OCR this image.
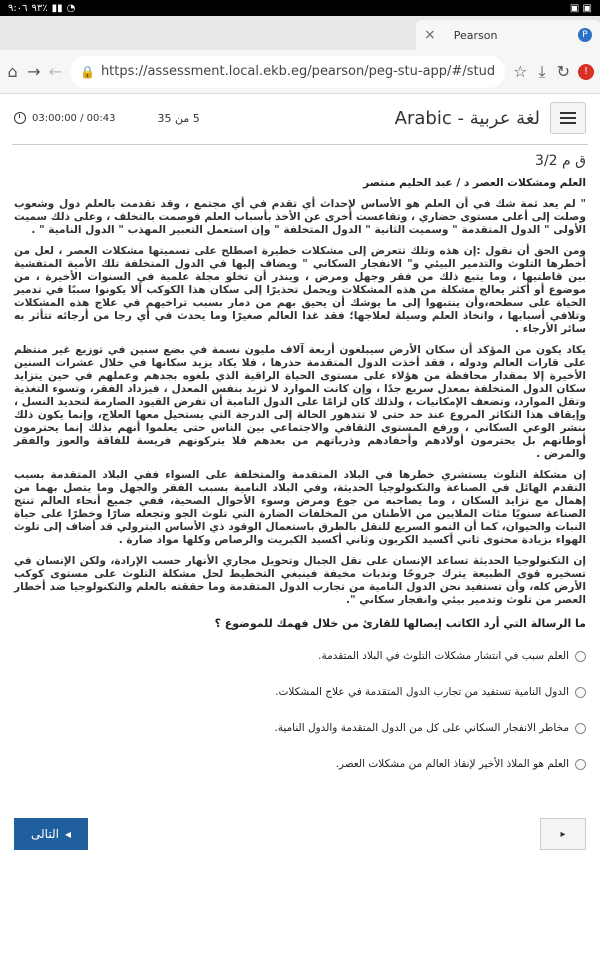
٩:٠٦ ٩٣٪ ▮▮ ◔	▣ ▣
× Pearson	P
⌂ → ← 🔒 https://assessment.local.ekb.eg/pearson/peg-stu-app/#/stud ☆ ⤓ ↻	!
03:00:00 / 00:43	5 من 35	Arabic - لغة عربية
ق م 3/2
العلم ومشكلات العصر د / عبد الحليم منتصر

" لم يعد ثمة شك في أن العلم هو الأساس لإحداث أي تقدم في أي مجتمع ، وقد تقدمت بالعلم دول وشعوب وصلت إلى أعلى مستوى حضاري ، وتقاعست أخرى عن الأخذ بأسباب العلم فوصمت بالتخلف ، وعلى ذلك سميت الأولى " الدول المتقدمة " وسميت الثانية " الدول المتخلفة " وإن استعمل التعبير المهذب " الدول النامية " .

ومن الحق أن نقول :إن هذه وتلك تتعرض إلى مشكلات خطيرة اصطلح على تسميتها مشكلات العصر ، لعل من أخطرها التلوث والتدمير البيئي و" الانفجار السكاني " ويضاف إليها في الدول المتخلفة تلك الأمية المتفشية بين قاطنيها ، وما يتبع ذلك من فقر وجهل ومرض ، ويندر أن تخلو مجلة علمية في السنوات الأخيرة ، من موضوع أو أكثر يعالج مشكلة من هذه المشكلات ويحمل تحذيرًا إلى سكان هذا الكوكب ألا يكونوا سببًا في تدمير الحياة على سطحه،وأن ينتبهوا إلى ما يوشك أن يحيق بهم من دمار بسبب تراخيهم في علاج هذه المشكلات وتلافي أسبابها ، واتخاذ العلم وسيلة لعلاجها؛ فقد غدا العالم صغيرًا وما يحدث في أي رجا من أرجائه تتأثر به سائر الأرجاء .

يكاد يكون من المؤكد أن سكان الأرض سيبلغون أربعة آلاف مليون نسمة في بضع سنين في توزيع غير منتظم على قارات العالم ودوله ، فقد أخذت الدول المتقدمة حذرها ، فلا يكاد يزيد سكانها في خلال عشرات السنين الأخيرة إلا بمقدار محافظة من هؤلاء على مستوى الحياة الراقية الذي بلغوه بجدهم وعملهم في حين يتزايد سكان الدول المتخلفة بمعدل سريع جدًا ، وإن كانت الموارد لا تزيد بنفس المعدل ، فيزداد الفقر، وتسوء التغذية وتقل الموارد، وتضعف الإمكانيات ، ولذلك كان لزامًا على الدول النامية أن تفرض القيود الصارمة لتحديد النسل ، وإيقاف هذا التكاثر المروع عند حد حتى لا تتدهور الحالة إلى الدرجة التي يستحيل معها العلاج، وإنما يكون ذلك بنشر الوعي السكاني ، ورفع المستوى الثقافي والاجتماعي بين الناس حتى يعلموا أنهم بذلك إنما يحترمون أوطانهم بل يحترمون أولادهم وأحفادهم وذرياتهم من بعدهم فلا يتركونهم فريسة للفاقة والعوز والفقر والمرض .

إن مشكلة التلوث يستشري خطرها في البلاد المتقدمة والمتخلفة على السواء ففي البلاد المتقدمة بسبب التقدم الهائل في الصناعة والتكنولوجيا الحديثة، وفي البلاد النامية بسبب الفقر والجهل وما يتصل بهما من إهمال مع تزايد السكان ، وما يصاحبه من جوع ومرض وسوء الأحوال الصحية، ففي جميع أنحاء العالم تنتج الصناعة سنويًا مئات الملايين من الأطنان من المخلفات الضارة التي تلوث الجو وتجعله ضارًا وخطرًا على حياة النبات والحيوان، كما أن النمو السريع للنقل بالطرق باستعمال الوقود ذي الأساس البترولي قد أضاف إلى تلوث الهواء بزيادة محتوى ثاني أكسيد الكربون وثاني أكسيد الكبريت والرصاص وكلها مواد ضارة .

إن التكنولوجيا الحديثة تساعد الإنسان على نقل الجبال وتحويل مجاري الأنهار حسب الإرادة، ولكن الإنسان في تسخيره قوى الطبيعة يترك جروحًا وندبات مخيفة فينبغي التخطيط لحل مشكلة التلوث على مستوى كوكب الأرض كله، وأن تستفيد نحن الدول النامية من تجارب الدول المتقدمة وما حققته بالعلم والتكنولوجيا ضد أخطار العصر من تلوث وتدمير بيئي وانفجار سكاني ".

ما الرسالة التي أرد الكاتب إيصالها للقارئ من خلال فهمك للموضوع ؟
العلم سبب في انتشار مشكلات التلوث في البلاد المتقدمة.
الدول النامية تستفيد من تجارب الدول المتقدمة في علاج المشكلات.
مخاطر الانفجار السكاني على كل من الدول المتقدمة والدول النامية.
العلم هو الملاذ الأخير لإنقاذ العالم من مشكلات العصر.
التالى ◂	▸
